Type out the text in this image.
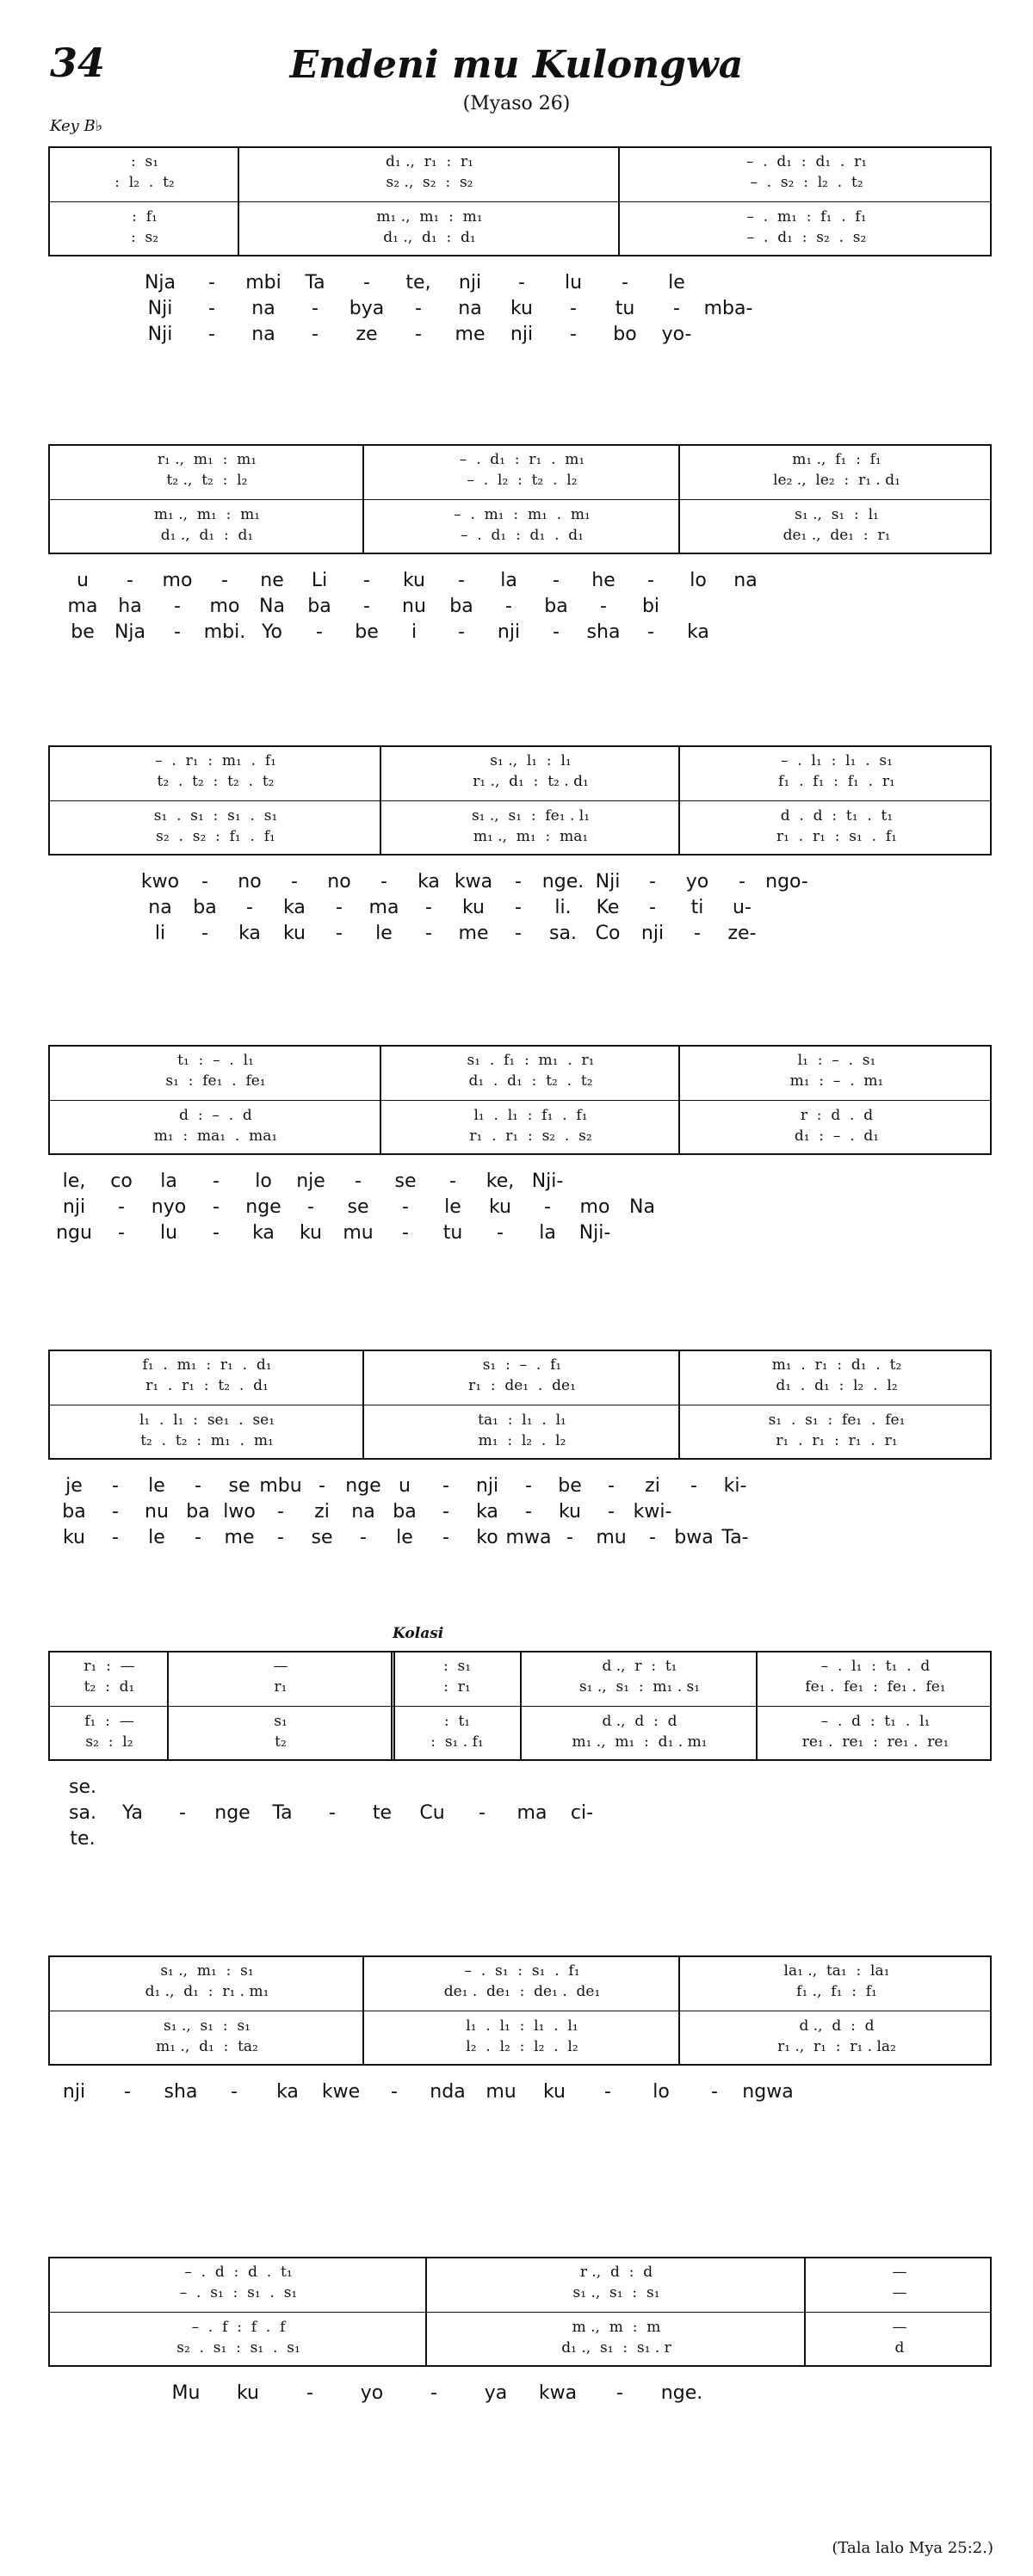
34	Endeni mu Kulongwa
(Myaso 26)
Key B♭
:  s₁
:  l₂  .  t₂
:  f₁
:  s₂
d₁ .,  r₁  :  r₁
s₂ .,  s₂  :  s₂
m₁ .,  m₁  :  m₁
d₁ .,  d₁  :  d₁
–  .  d₁  :  d₁  .  r₁
–  .  s₂  :  l₂  .  t₂
–  .  m₁  :  f₁  .  f₁
–  .  d₁  :  s₂  .  s₂
Nja - mbi Ta - te, nji - lu - le
Nji - na - bya - na ku - tu - mba-
Nji - na - ze - me nji - bo yo-
r₁ .,  m₁  :  m₁
t₂ .,  t₂  :  l₂
m₁ .,  m₁  :  m₁
d₁ .,  d₁  :  d₁
–  .  d₁  :  r₁  .  m₁
–  .  l₂  :  t₂  .  l₂
–  .  m₁  :  m₁  .  m₁
–  .  d₁  :  d₁  .  d₁
m₁ .,  f₁  :  f₁
le₂ .,  le₂  :  r₁ . d₁
s₁ .,  s₁  :  l₁
de₁ .,  de₁  :  r₁
u - mo - ne Li - ku - la - he - lo na
ma ha - mo Na ba - nu ba - ba - bi
be Nja - mbi. Yo - be i - nji - sha - ka
–  .  r₁  :  m₁  .  f₁
t₂  .  t₂  :  t₂  .  t₂
s₁  .  s₁  :  s₁  .  s₁
s₂  .  s₂  :  f₁  .  f₁
s₁ .,  l₁  :  l₁
r₁ .,  d₁  :  t₂ . d₁
s₁ .,  s₁  :  fe₁ . l₁
m₁ .,  m₁  :  ma₁
–  .  l₁  :  l₁  .  s₁
f₁  .  f₁  :  f₁  .  r₁
d  .  d  :  t₁  .  t₁
r₁  .  r₁  :  s₁  .  f₁
kwo - no - no - ka kwa - nge. Nji - yo - ngo-
na ba - ka - ma - ku - li. Ke - ti u-
li - ka ku - le - me - sa. Co nji - ze-
t₁  :  –  .  l₁
s₁  :  fe₁  .  fe₁
d  :  –  .  d
m₁  :  ma₁  .  ma₁
s₁  .  f₁  :  m₁  .  r₁
d₁  .  d₁  :  t₂  .  t₂
l₁  .  l₁  :  f₁  .  f₁
r₁  .  r₁  :  s₂  .  s₂
l₁  :  –  .  s₁
m₁  :  –  .  m₁
r  :  d  .  d
d₁  :  –  .  d₁
le, co la - lo nje - se - ke, Nji-
nji - nyo - nge - se - le ku - mo Na
ngu - lu - ka ku mu - tu - la Nji-
f₁  .  m₁  :  r₁  .  d₁
r₁  .  r₁  :  t₂  .  d₁
l₁  .  l₁  :  se₁  .  se₁
t₂  .  t₂  :  m₁  .  m₁
s₁  :  –  .  f₁
r₁  :  de₁  .  de₁
ta₁  :  l₁  .  l₁
m₁  :  l₂  .  l₂
m₁  .  r₁  :  d₁  .  t₂
d₁  .  d₁  :  l₂  .  l₂
s₁  .  s₁  :  fe₁  .  fe₁
r₁  .  r₁  :  r₁  .  r₁
je - le - se mbu - nge u - nji - be - zi - ki-
ba - nu ba lwo - zi na ba - ka - ku - kwi-
ku - le - me - se - le - ko mwa - mu - bwa Ta-
Kolasi
r₁  :  —
t₂  :  d₁
f₁  :  —
s₂  :  l₂
—
r₁
s₁
t₂
:  s₁
:  r₁
:  t₁
:  s₁ . f₁
d .,  r  :  t₁
s₁ .,  s₁  :  m₁ . s₁
d .,  d  :  d
m₁ .,  m₁  :  d₁ . m₁
–  .  l₁  :  t₁  .  d
fe₁ .  fe₁  :  fe₁ .  fe₁
–  .  d  :  t₁  .  l₁
re₁ .  re₁  :  re₁ .  re₁
se.
sa. Ya - nge Ta - te Cu - ma ci-
te.
s₁ .,  m₁  :  s₁
d₁ .,  d₁  :  r₁ . m₁
s₁ .,  s₁  :  s₁
m₁ .,  d₁  :  ta₂
–  .  s₁  :  s₁  .  f₁
de₁ .  de₁  :  de₁ .  de₁
l₁  .  l₁  :  l₁  .  l₁
l₂  .  l₂  :  l₂  .  l₂
la₁ .,  ta₁  :  la₁
f₁ .,  f₁  :  f₁
d .,  d  :  d
r₁ .,  r₁  :  r₁ . la₂
nji - sha - ka kwe - nda mu ku - lo - ngwa
–  .  d  :  d  .  t₁
–  .  s₁  :  s₁  .  s₁
–  .  f  :  f  .  f
s₂  .  s₁  :  s₁  .  s₁
r .,  d  :  d
s₁ .,  s₁  :  s₁
m .,  m  :  m
d₁ .,  s₁  :  s₁ . r
—
—
—
d
Mu ku	- yo - ya kwa - nge.
(Tala lalo Mya 25:2.)
